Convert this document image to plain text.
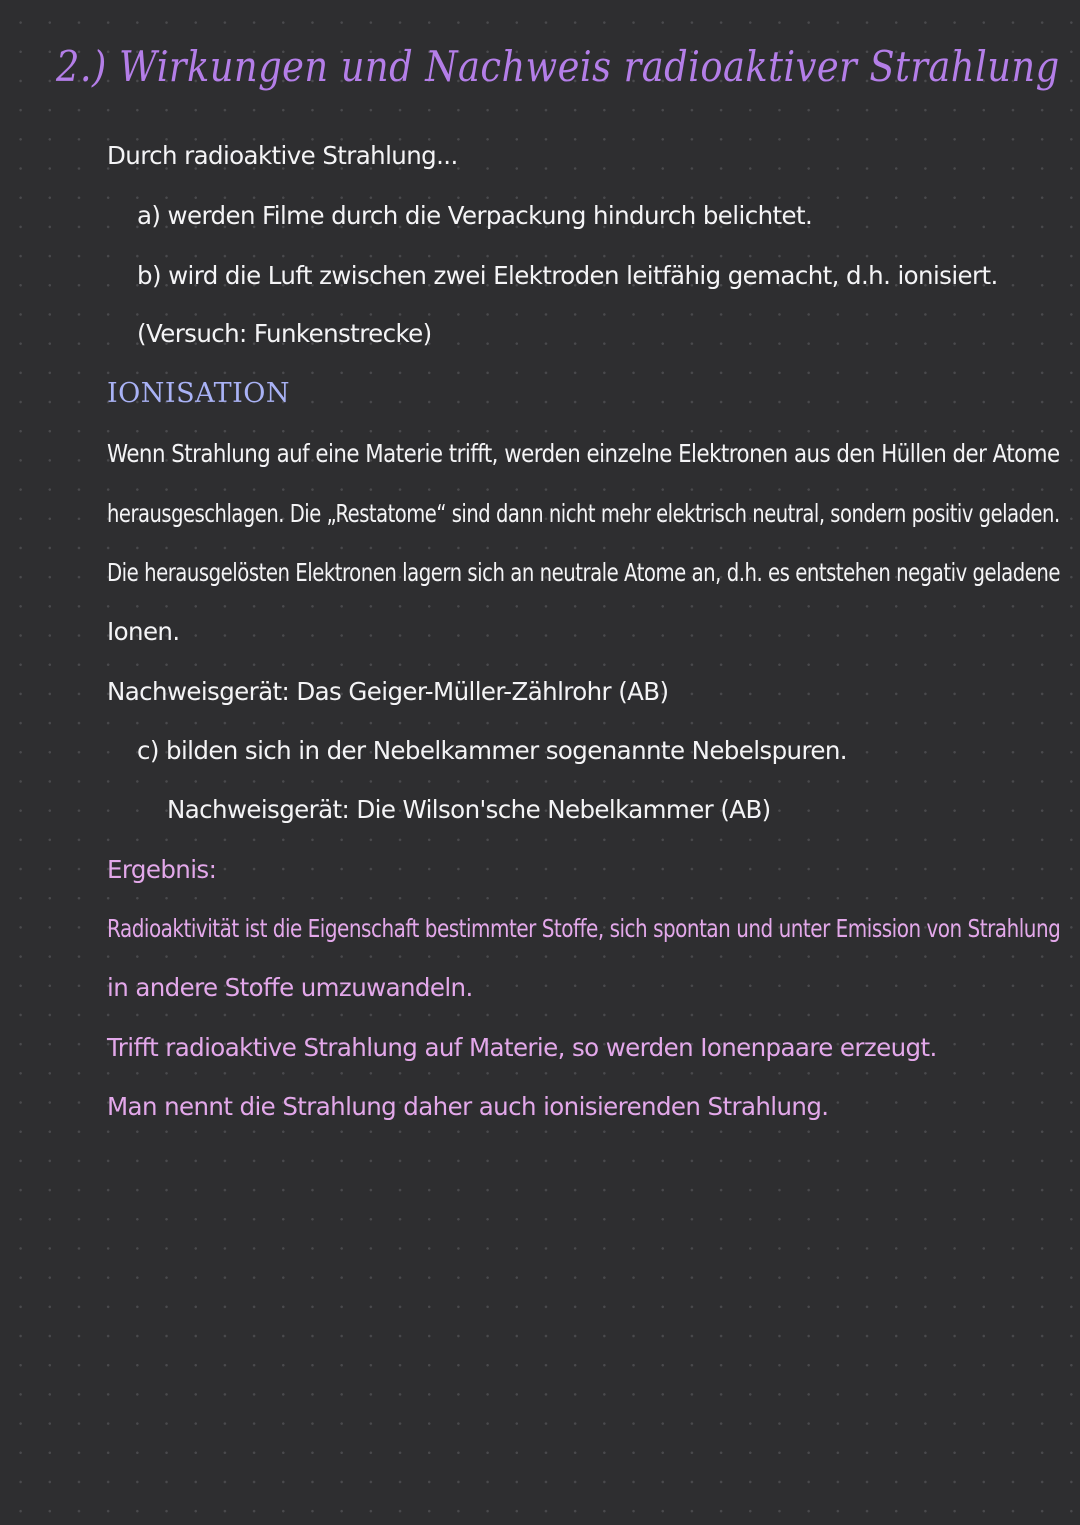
2.) Wirkungen und Nachweis radioaktiver Strahlung
Durch radioaktive Strahlung...
a) werden Filme durch die Verpackung hindurch belichtet.
b) wird die Luft zwischen zwei Elektroden leitfähig gemacht, d.h. ionisiert.
(Versuch: Funkenstrecke)
IONISATION
Wenn Strahlung auf eine Materie trifft, werden einzelne Elektronen aus den Hüllen der Atome
herausgeschlagen. Die „Restatome“ sind dann nicht mehr elektrisch neutral, sondern positiv geladen.
Die herausgelösten Elektronen lagern sich an neutrale Atome an, d.h. es entstehen negativ geladene
Ionen.
Nachweisgerät: Das Geiger-Müller-Zählrohr (AB)
c) bilden sich in der Nebelkammer sogenannte Nebelspuren.
Nachweisgerät: Die Wilson'sche Nebelkammer (AB)
Ergebnis:
Radioaktivität ist die Eigenschaft bestimmter Stoffe, sich spontan und unter Emission von Strahlung
in andere Stoffe umzuwandeln.
Trifft radioaktive Strahlung auf Materie, so werden Ionenpaare erzeugt.
Man nennt die Strahlung daher auch ionisierenden Strahlung.
